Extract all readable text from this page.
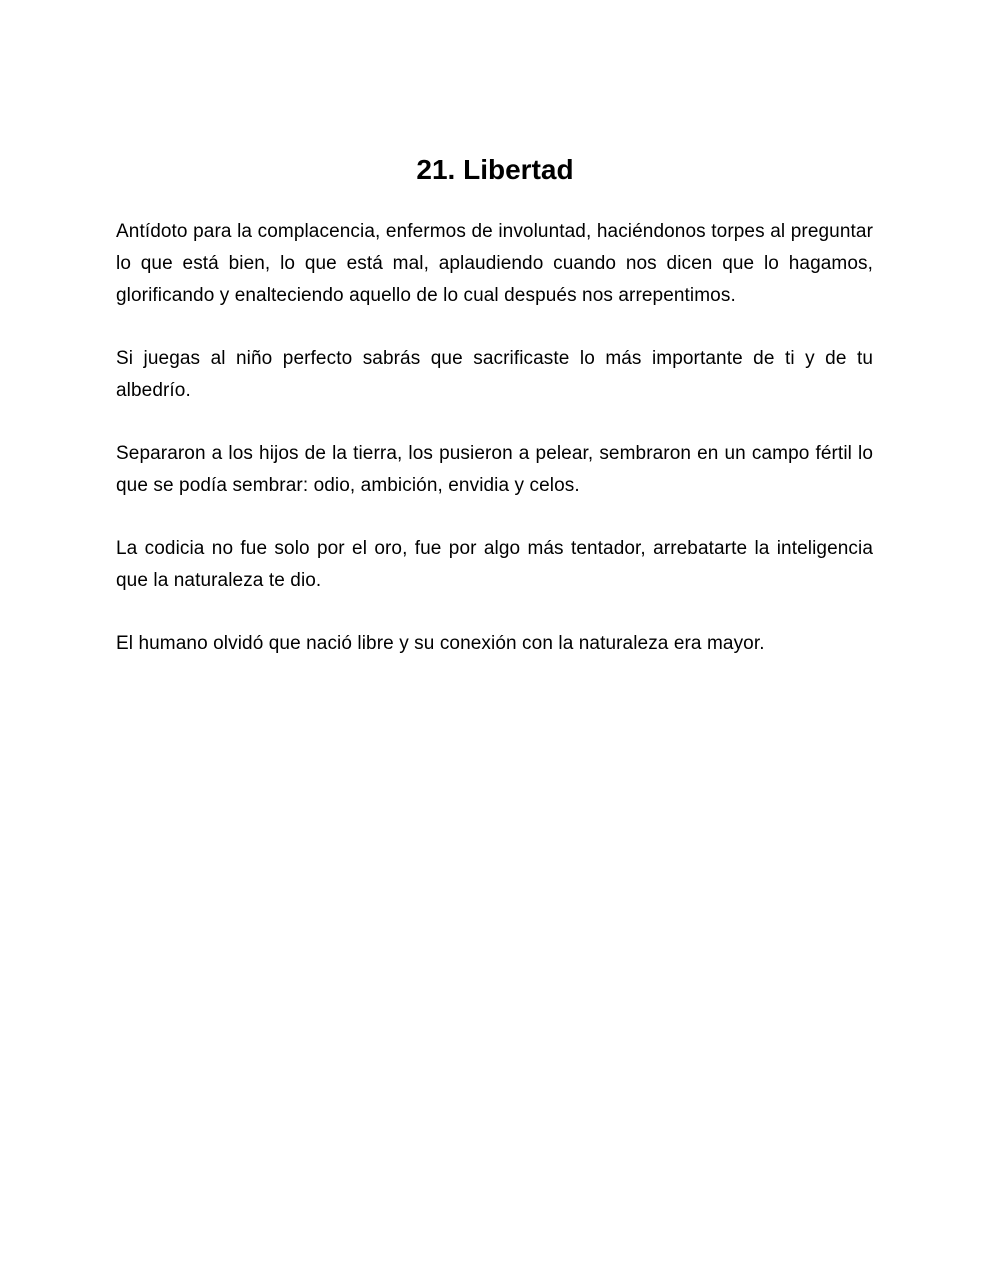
21. Libertad

Antídoto para la complacencia, enfermos de involuntad, haciéndonos torpes al preguntar lo que está bien, lo que está mal, aplaudiendo cuando nos dicen que lo hagamos, glorificando y enalteciendo aquello de lo cual después nos arrepentimos.

Si juegas al niño perfecto sabrás que sacrificaste lo más importante de ti y de tu albedrío.

Separaron a los hijos de la tierra, los pusieron a pelear, sembraron en un campo fértil lo que se podía sembrar: odio, ambición, envidia y celos.

La codicia no fue solo por el oro, fue por algo más tentador, arrebatarte la inteligencia que la naturaleza te dio.

El humano olvidó que nació libre y su conexión con la naturaleza era mayor.
